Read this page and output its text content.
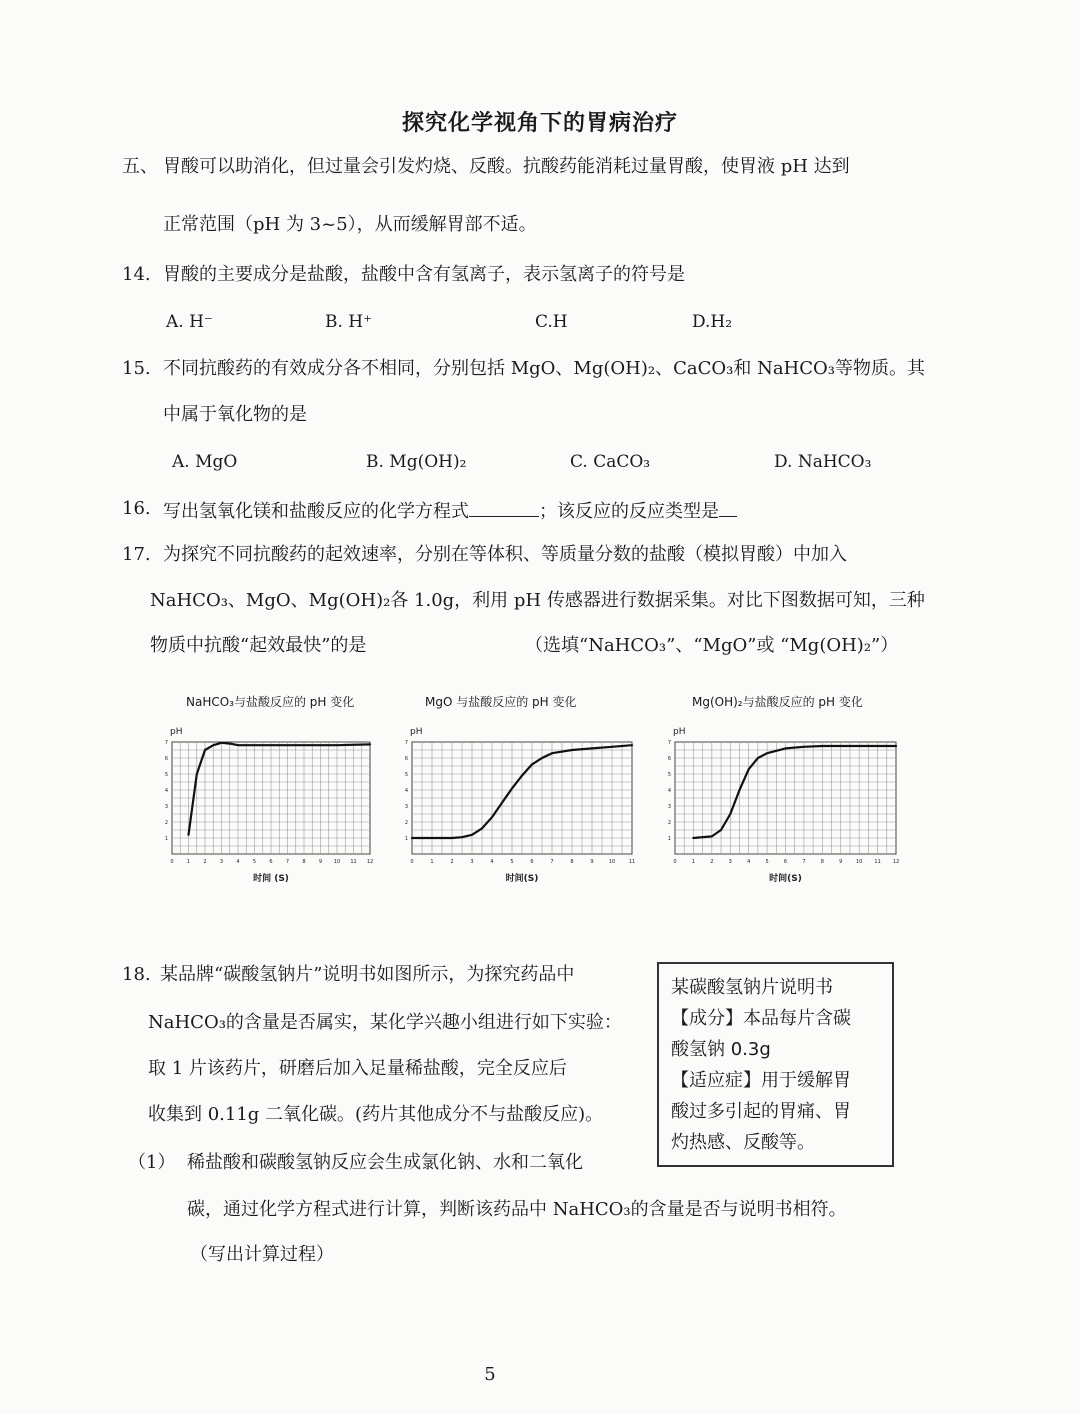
探究化学视角下的胃病治疗
五、 胃酸可以助消化，但过量会引发灼烧、反酸。抗酸药能消耗过量胃酸，使胃液 pH 达到
正常范围（pH 为 3~5），从而缓解胃部不适。
14. 胃酸的主要成分是盐酸，盐酸中含有氢离子，表示氢离子的符号是
A. H⁻	B. H⁺	C.H	D.H₂
15. 不同抗酸药的有效成分各不相同，分别包括 MgO、Mg(OH)₂、CaCO₃和 NaHCO₃等物质。其
中属于氧化物的是
A. MgO	B. Mg(OH)₂	C. CaCO₃	D. NaHCO₃
16. 写出氢氧化镁和盐酸反应的化学方程式	；该反应的反应类型是
17. 为探究不同抗酸药的起效速率，分别在等体积、等质量分数的盐酸（模拟胃酸）中加入
NaHCO₃、MgO、Mg(OH)₂各 1.0g，利用 pH 传感器进行数据采集。对比下图数据可知，三种
物质中抗酸“起效最快”的是	（选填“NaHCO₃”、“MgO”或 “Mg(OH)₂”）
NaHCO₃与盐酸反应的 pH 变化	MgO 与盐酸反应的 pH 变化	Mg(OH)₂与盐酸反应的 pH 变化
0	1	2	3	4	5	6	7	8	9 10 11 12
1
2
3
4
5
6
7
pH
时间 (S)
0	1	2	3	4	5	6	7	8	9	10	11
1
2
3
4
5
6
7
pH
时间(S)
0	1	2	3	4	5	6	7	8	9	10 11 12
1
2
3
4
5
6
7
pH
时间(S)
18. 某品牌“碳酸氢钠片”说明书如图所示，为探究药品中
NaHCO₃的含量是否属实，某化学兴趣小组进行如下实验：
取 1 片该药片，研磨后加入足量稀盐酸，完全反应后
收集到 0.11g 二氧化碳。(药片其他成分不与盐酸反应)。
（1） 稀盐酸和碳酸氢钠反应会生成氯化钠、水和二氧化
碳，通过化学方程式进行计算，判断该药品中 NaHCO₃的含量是否与说明书相符。
（写出计算过程）
某碳酸氢钠片说明书
【成分】本品每片含碳
酸氢钠 0.3g
【适应症】用于缓解胃
酸过多引起的胃痛、胃
灼热感、反酸等。
5
